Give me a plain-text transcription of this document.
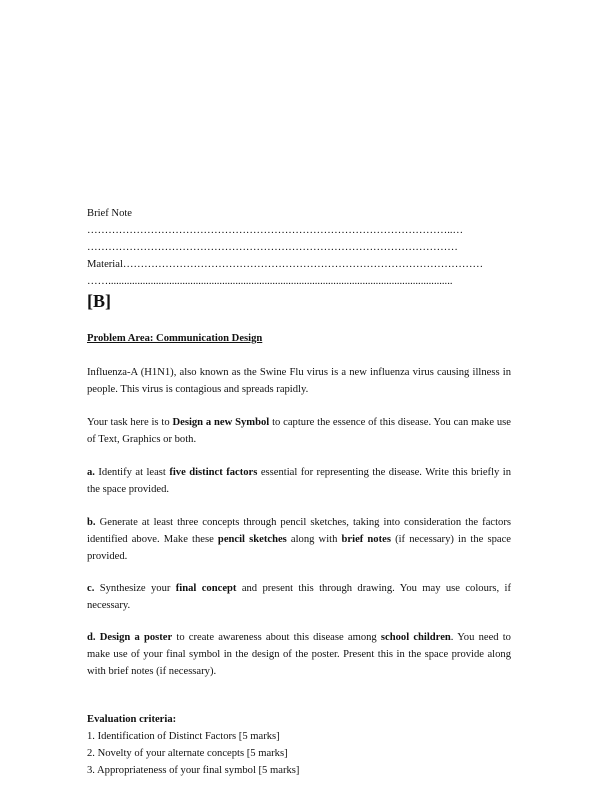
Brief Note
…………………………………………………………………………………………..…
……………………………………………………………………………………………
Material…………………………………………………………………………………………
……..................................................................................................................................
[B]
Problem Area: Communication Design
Influenza-A (H1N1), also known as the Swine Flu virus is a new influenza virus causing illness in people. This virus is contagious and spreads rapidly.
Your task here is to Design a new Symbol to capture the essence of this disease. You can make use of Text, Graphics or both.
a. Identify at least five distinct factors essential for representing the disease. Write this briefly in the space provided.
b. Generate at least three concepts through pencil sketches, taking into consideration the factors identified above. Make these pencil sketches along with brief notes (if necessary) in the space provided.
c. Synthesize your final concept and present this through drawing. You may use colours, if necessary.
d. Design a poster to create awareness about this disease among school children. You need to make use of your final symbol in the design of the poster. Present this in the space provide along with brief notes (if necessary).
Evaluation criteria:
1. Identification of Distinct Factors [5 marks]
2. Novelty of your alternate concepts [5 marks]
3. Appropriateness of your final symbol [5 marks]
